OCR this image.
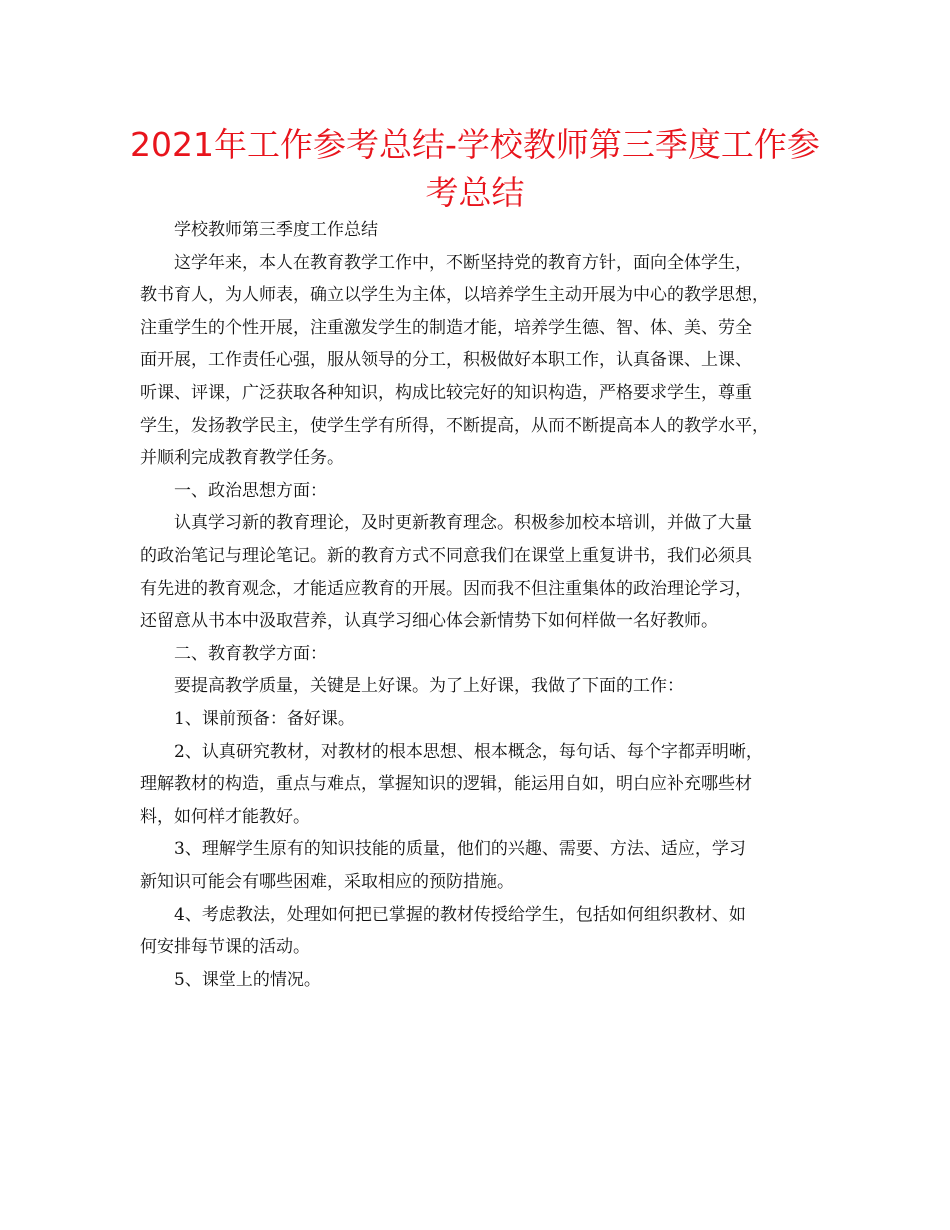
2021年工作参考总结-学校教师第三季度工作参
考总结
学校教师第三季度工作总结
这学年来，本人在教育教学工作中，不断坚持党的教育方针，面向全体学生，
教书育人，为人师表，确立以学生为主体，以培养学生主动开展为中心的教学思想，
注重学生的个性开展，注重激发学生的制造才能，培养学生德、智、体、美、劳全
面开展，工作责任心强，服从领导的分工，积极做好本职工作，认真备课、上课、
听课、评课，广泛获取各种知识，构成比较完好的知识构造，严格要求学生，尊重
学生，发扬教学民主，使学生学有所得，不断提高，从而不断提高本人的教学水平，
并顺利完成教育教学任务。
一、政治思想方面：
认真学习新的教育理论，及时更新教育理念。积极参加校本培训，并做了大量
的政治笔记与理论笔记。新的教育方式不同意我们在课堂上重复讲书，我们必须具
有先进的教育观念，才能适应教育的开展。因而我不但注重集体的政治理论学习，
还留意从书本中汲取营养，认真学习细心体会新情势下如何样做一名好教师。
二、教育教学方面：
要提高教学质量，关键是上好课。为了上好课，我做了下面的工作：
1、课前预备：备好课。
2、认真研究教材，对教材的根本思想、根本概念，每句话、每个字都弄明晰，
理解教材的构造，重点与难点，掌握知识的逻辑，能运用自如，明白应补充哪些材
料，如何样才能教好。
3、理解学生原有的知识技能的质量，他们的兴趣、需要、方法、适应，学习
新知识可能会有哪些困难，采取相应的预防措施。
4、考虑教法，处理如何把已掌握的教材传授给学生，包括如何组织教材、如
何安排每节课的活动。
5、课堂上的情况。
